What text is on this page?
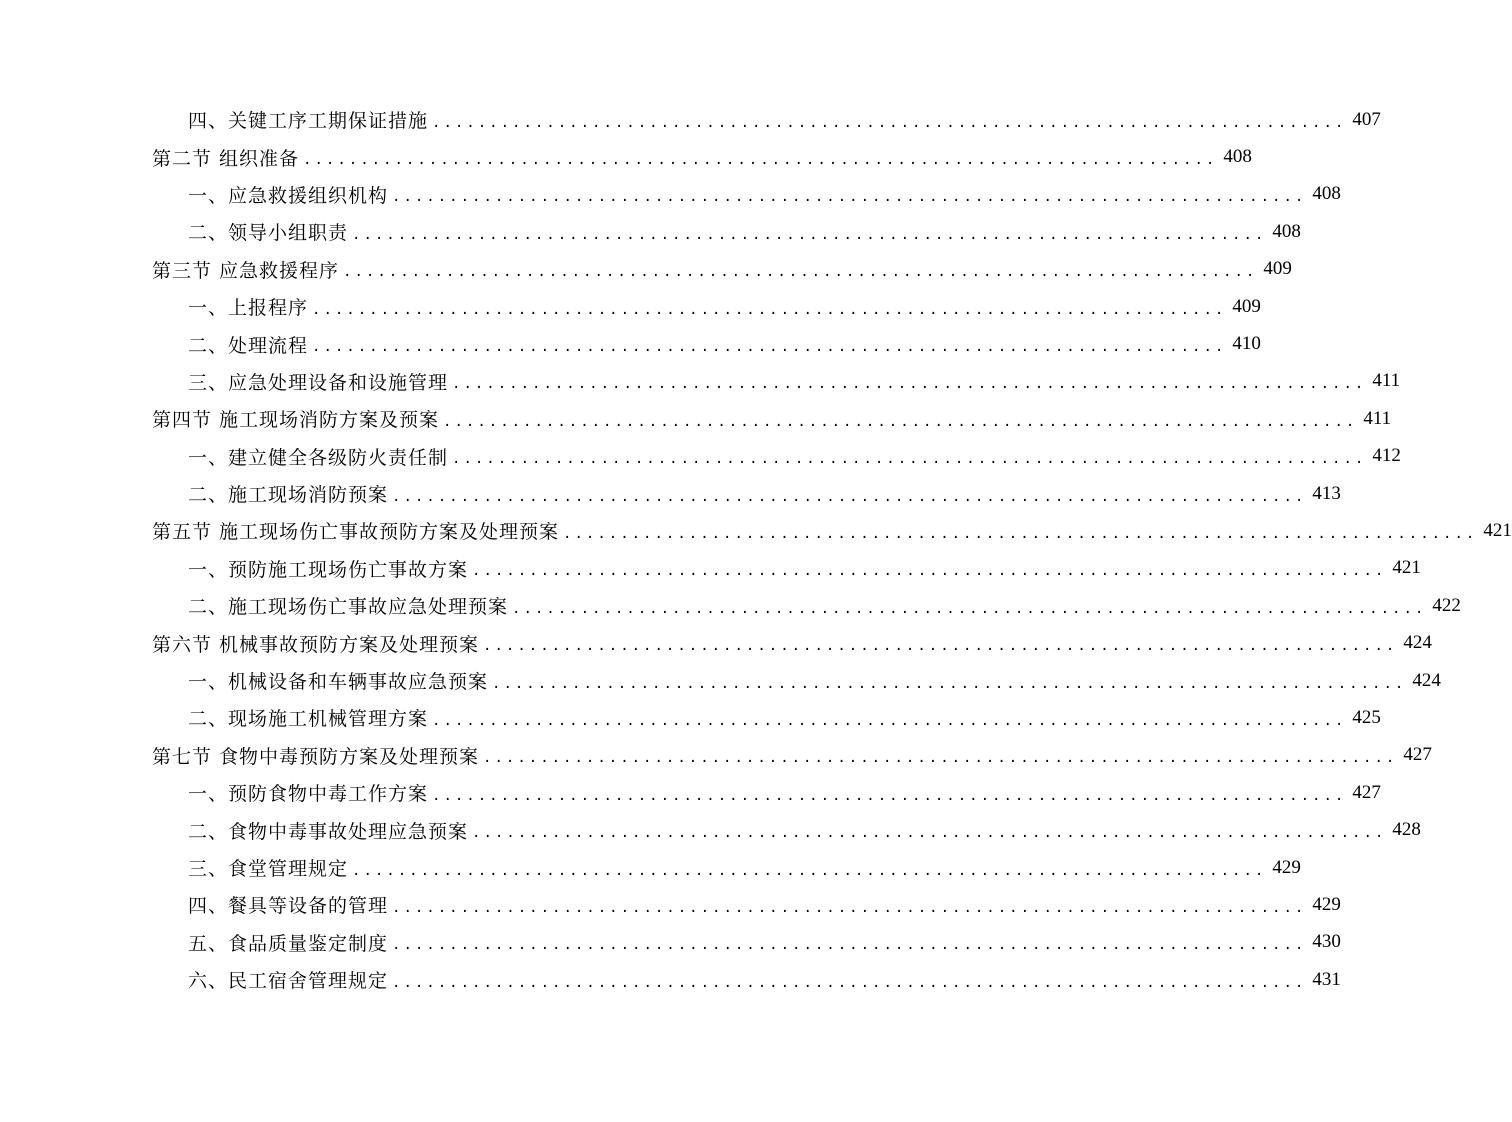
四、关键工序工期保证措施 ................................................................................ 407
第二节 组织准备 ................................................................................ 408
一、应急救援组织机构 ................................................................................ 408
二、领导小组职责 ................................................................................ 408
第三节 应急救援程序 ................................................................................ 409
一、上报程序 ................................................................................ 409
二、处理流程 ................................................................................ 410
三、应急处理设备和设施管理 ................................................................................ 411
第四节 施工现场消防方案及预案 ................................................................................ 411
一、建立健全各级防火责任制 ................................................................................ 412
二、施工现场消防预案 ................................................................................ 413
第五节 施工现场伤亡事故预防方案及处理预案 ................................................................................ 421
一、预防施工现场伤亡事故方案 ................................................................................ 421
二、施工现场伤亡事故应急处理预案 ................................................................................ 422
第六节 机械事故预防方案及处理预案 ................................................................................ 424
一、机械设备和车辆事故应急预案 ................................................................................ 424
二、现场施工机械管理方案 ................................................................................ 425
第七节 食物中毒预防方案及处理预案 ................................................................................ 427
一、预防食物中毒工作方案 ................................................................................ 427
二、食物中毒事故处理应急预案 ................................................................................ 428
三、食堂管理规定 ................................................................................ 429
四、餐具等设备的管理 ................................................................................ 429
五、食品质量鉴定制度 ................................................................................ 430
六、民工宿舍管理规定 ................................................................................ 431
